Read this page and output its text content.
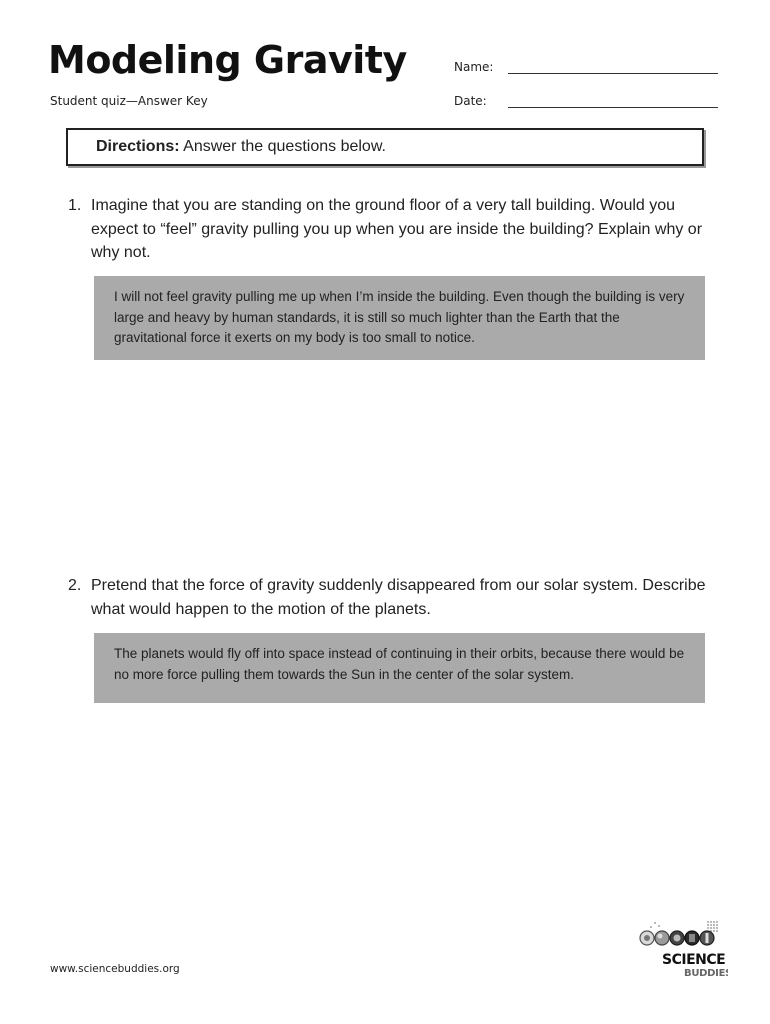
Modeling Gravity
Student quiz—Answer Key
Name:
Date:
Directions: Answer the questions below.
1. Imagine that you are standing on the ground floor of a very tall building. Would you expect to “feel” gravity pulling you up when you are inside the building? Explain why or why not.
I will not feel gravity pulling me up when I’m inside the building. Even though the building is very large and heavy by human standards, it is still so much lighter than the Earth that the gravitational force it exerts on my body is too small to notice.
2. Pretend that the force of gravity suddenly disappeared from our solar system. Describe what would happen to the motion of the planets.
The planets would fly off into space instead of continuing in their orbits, because there would be no more force pulling them towards the Sun in the center of the solar system.
www.sciencebuddies.org
SCIENCE
BUDDIES
